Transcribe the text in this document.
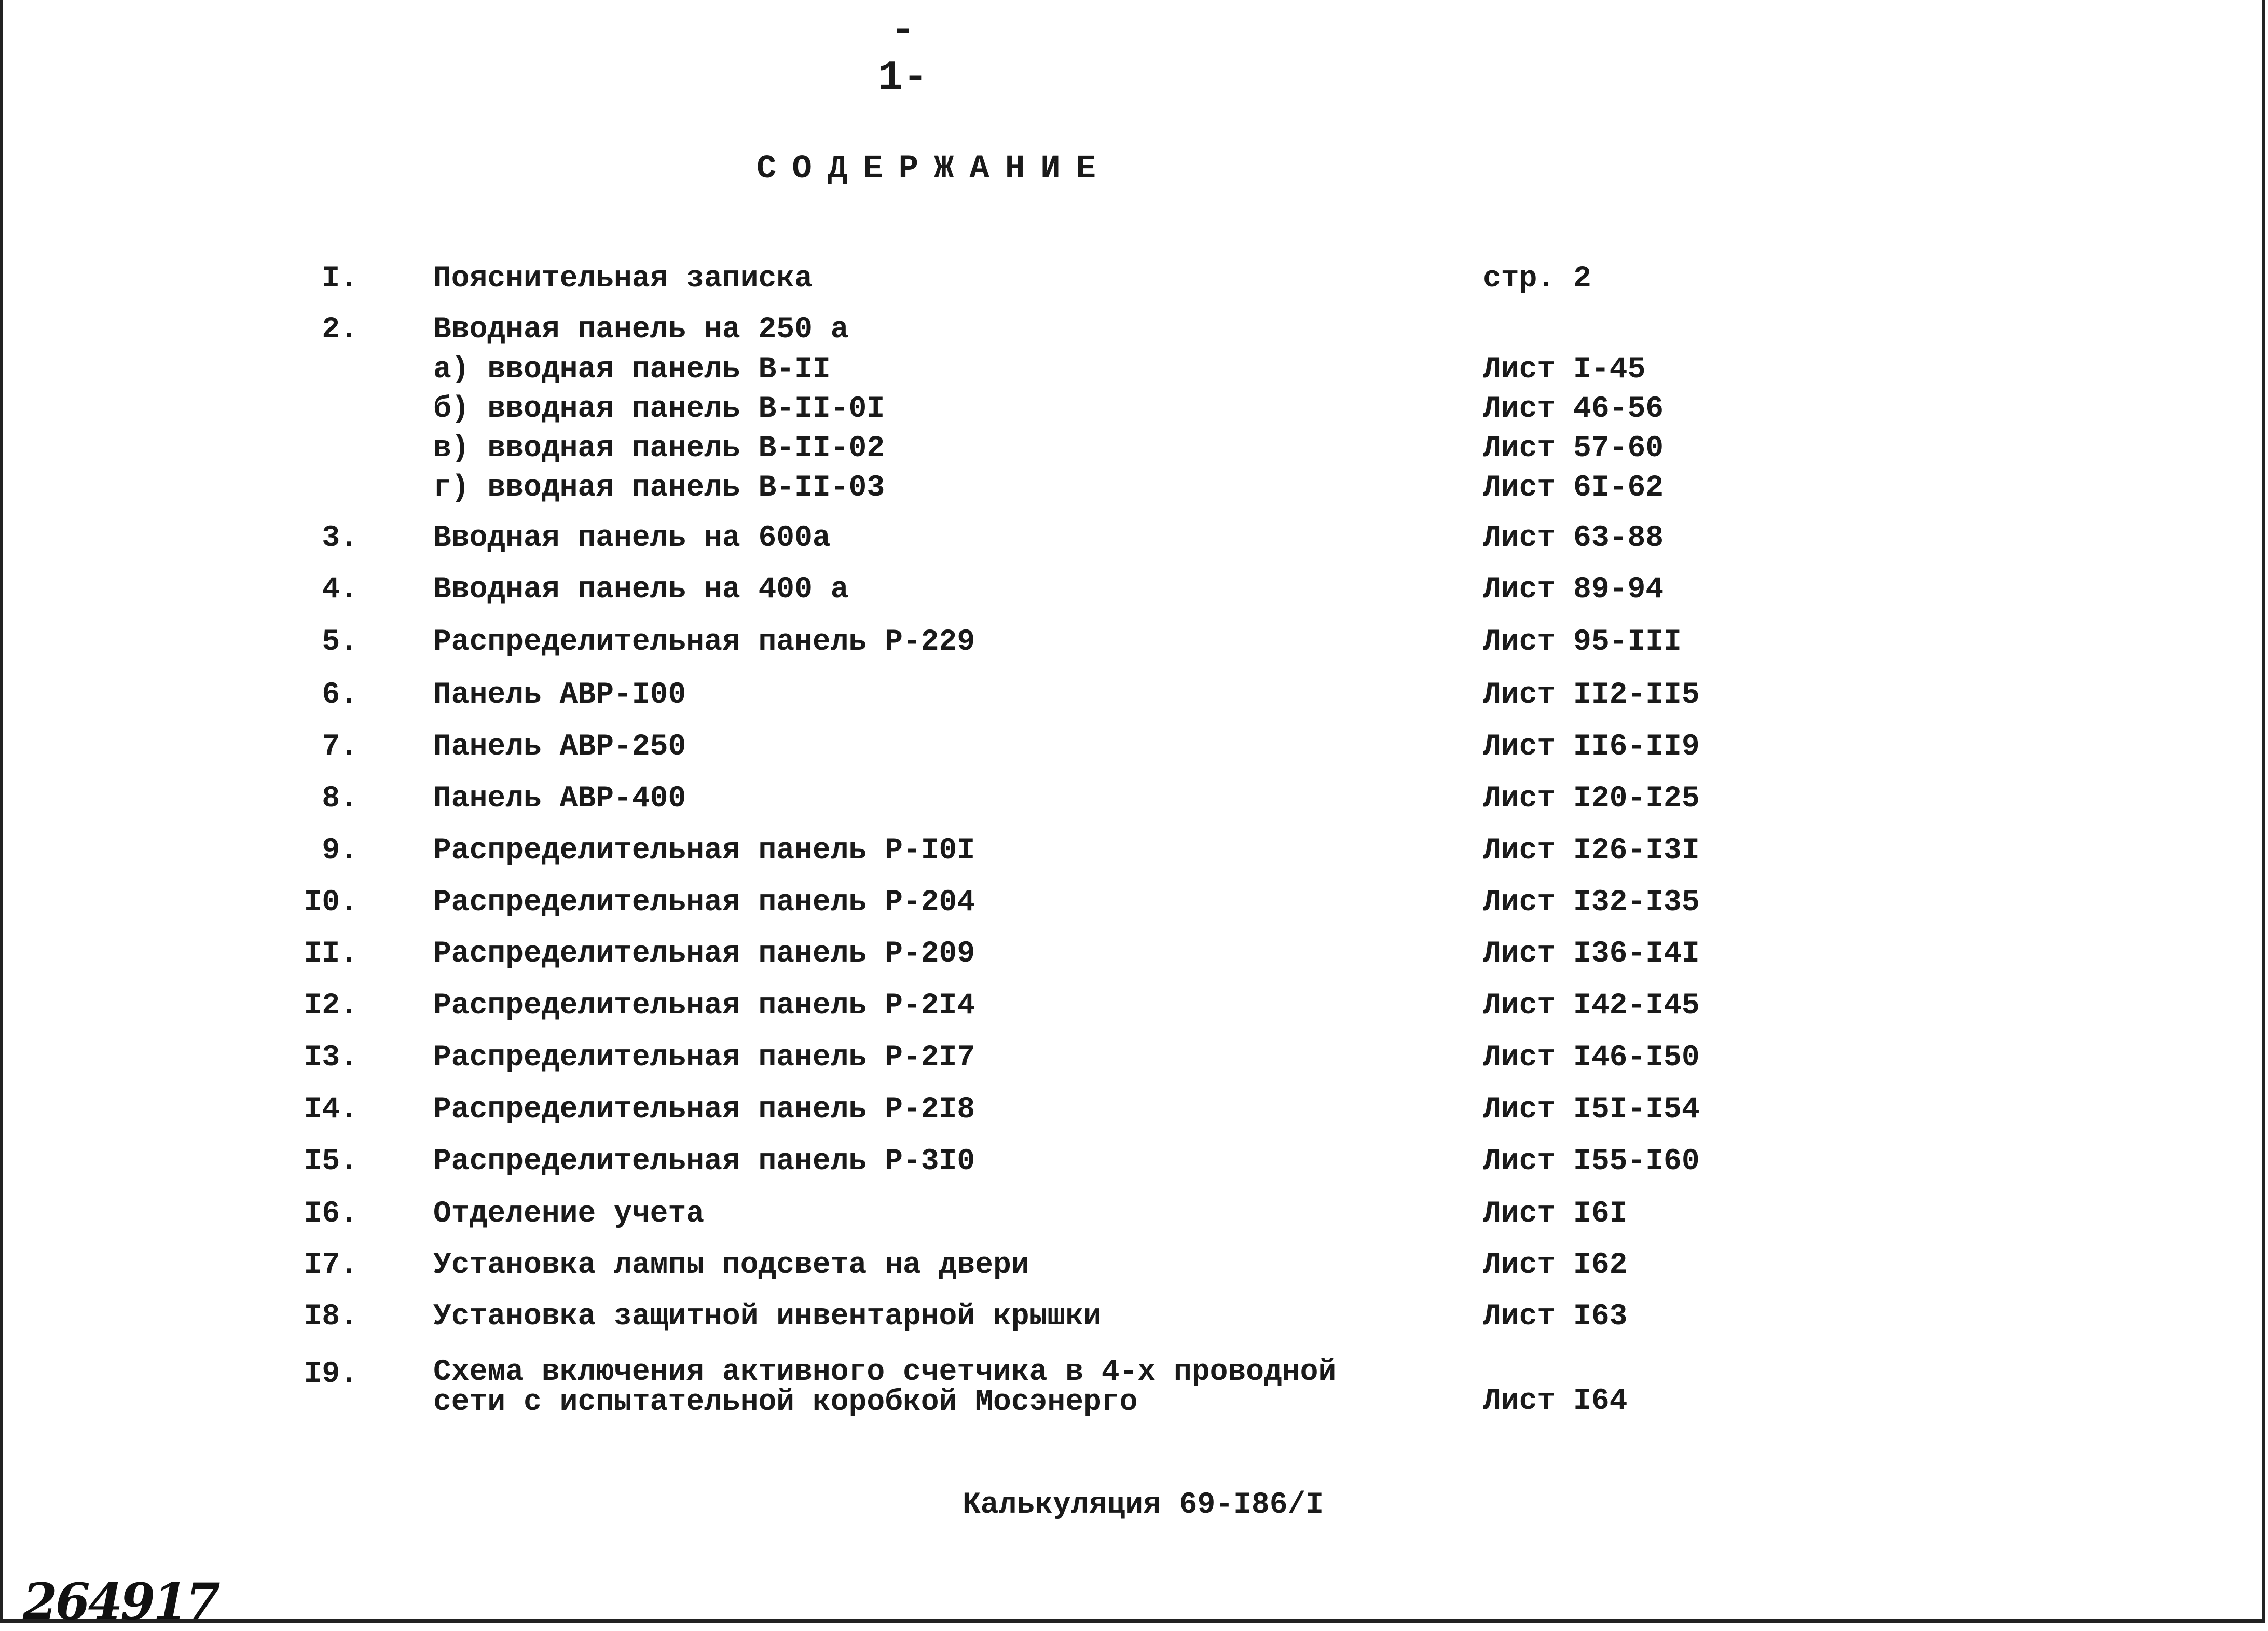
- 1-
СОДЕРЖАНИЕ
I.	Пояснительная записка	стр. 2
2.	Вводная панель на 250 а
а) вводная панель В-II	Лист I-45
б) вводная панель В-II-0I	Лист 46-56
в) вводная панель В-II-02	Лист 57-60
г) вводная панель В-II-03	Лист 6I-62
3.	Вводная панель на 600а	Лист 63-88
4.	Вводная панель на 400 а	Лист 89-94
5.	Распределительная панель Р-229	Лист 95-III
6.	Панель АВР-I00	Лист II2-II5
7.	Панель АВР-250	Лист II6-II9
8.	Панель АВР-400	Лист I20-I25
9.	Распределительная панель Р-I0I	Лист I26-I3I
I0.	Распределительная панель Р-204	Лист I32-I35
II.	Распределительная панель Р-209	Лист I36-I4I
I2.	Распределительная панель Р-2I4	Лист I42-I45
I3.	Распределительная панель Р-2I7	Лист I46-I50
I4.	Распределительная панель Р-2I8	Лист I5I-I54
I5.	Распределительная панель Р-3I0	Лист I55-I60
I6.	Отделение учета	Лист I6I
I7.	Установка лампы подсвета на двери	Лист I62
I8.	Установка защитной инвентарной крышки	Лист I63
I9.	Схема включения активного счетчика в 4-х проводной
сети с испытательной коробкой Мосэнерго	Лист I64
Калькуляция 69-I86/I
264917
